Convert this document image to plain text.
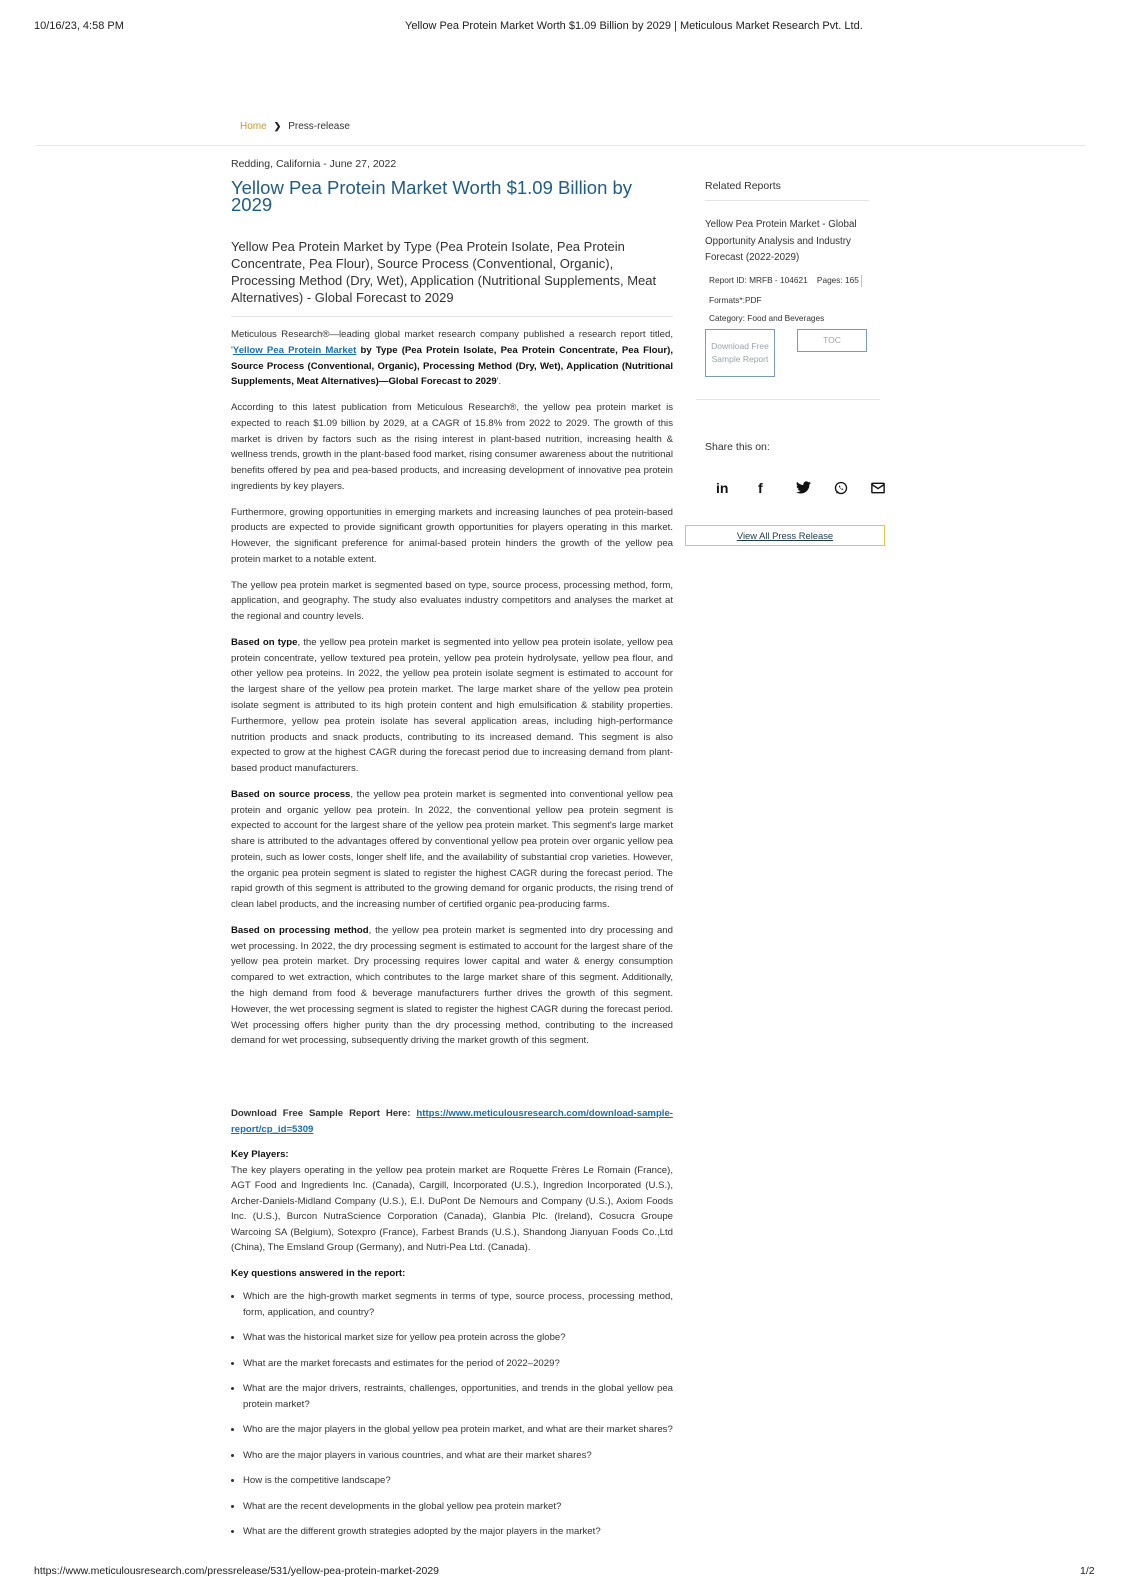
10/16/23, 4:58 PM	Yellow Pea Protein Market Worth $1.09 Billion by 2029 | Meticulous Market Research Pvt. Ltd.
Home ❯ Press-release
Redding, California - June 27, 2022
Yellow Pea Protein Market Worth $1.09 Billion by 2029
Yellow Pea Protein Market by Type (Pea Protein Isolate, Pea Protein Concentrate, Pea Flour), Source Process (Conventional, Organic), Processing Method (Dry, Wet), Application (Nutritional Supplements, Meat Alternatives) - Global Forecast to 2029

Meticulous Research®—leading global market research company published a research report titled, 'Yellow Pea Protein Market by Type (Pea Protein Isolate, Pea Protein Concentrate, Pea Flour), Source Process (Conventional, Organic), Processing Method (Dry, Wet), Application (Nutritional Supplements, Meat Alternatives)—Global Forecast to 2029'.

According to this latest publication from Meticulous Research®, the yellow pea protein market is expected to reach $1.09 billion by 2029, at a CAGR of 15.8% from 2022 to 2029. The growth of this market is driven by factors such as the rising interest in plant-based nutrition, increasing health & wellness trends, growth in the plant-based food market, rising consumer awareness about the nutritional benefits offered by pea and pea-based products, and increasing development of innovative pea protein ingredients by key players.

Furthermore, growing opportunities in emerging markets and increasing launches of pea protein-based products are expected to provide significant growth opportunities for players operating in this market. However, the significant preference for animal-based protein hinders the growth of the yellow pea protein market to a notable extent.

The yellow pea protein market is segmented based on type, source process, processing method, form, application, and geography. The study also evaluates industry competitors and analyses the market at the regional and country levels.

Based on type, the yellow pea protein market is segmented into yellow pea protein isolate, yellow pea protein concentrate, yellow textured pea protein, yellow pea protein hydrolysate, yellow pea flour, and other yellow pea proteins. In 2022, the yellow pea protein isolate segment is estimated to account for the largest share of the yellow pea protein market. The large market share of the yellow pea protein isolate segment is attributed to its high protein content and high emulsification & stability properties. Furthermore, yellow pea protein isolate has several application areas, including high-performance nutrition products and snack products, contributing to its increased demand. This segment is also expected to grow at the highest CAGR during the forecast period due to increasing demand from plant-based product manufacturers.

Based on source process, the yellow pea protein market is segmented into conventional yellow pea protein and organic yellow pea protein. In 2022, the conventional yellow pea protein segment is expected to account for the largest share of the yellow pea protein market. This segment's large market share is attributed to the advantages offered by conventional yellow pea protein over organic yellow pea protein, such as lower costs, longer shelf life, and the availability of substantial crop varieties. However, the organic pea protein segment is slated to register the highest CAGR during the forecast period. The rapid growth of this segment is attributed to the growing demand for organic products, the rising trend of clean label products, and the increasing number of certified organic pea-producing farms.

Based on processing method, the yellow pea protein market is segmented into dry processing and wet processing. In 2022, the dry processing segment is estimated to account for the largest share of the yellow pea protein market. Dry processing requires lower capital and water & energy consumption compared to wet extraction, which contributes to the large market share of this segment. Additionally, the high demand from food & beverage manufacturers further drives the growth of this segment. However, the wet processing segment is slated to register the highest CAGR during the forecast period. Wet processing offers higher purity than the dry processing method, contributing to the increased demand for wet processing, subsequently driving the market growth of this segment.

Download Free Sample Report Here: https://www.meticulousresearch.com/download-sample-report/cp_id=5309
Key Players:
The key players operating in the yellow pea protein market are Roquette Frères Le Romain (France), AGT Food and Ingredients Inc. (Canada), Cargill, Incorporated (U.S.), Ingredion Incorporated (U.S.), Archer-Daniels-Midland Company (U.S.), E.I. DuPont De Nemours and Company (U.S.), Axiom Foods Inc. (U.S.), Burcon NutraScience Corporation (Canada), Glanbia Plc. (Ireland), Cosucra Groupe Warcoing SA (Belgium), Sotexpro (France), Farbest Brands (U.S.), Shandong Jianyuan Foods Co.,Ltd (China), The Emsland Group (Germany), and Nutri-Pea Ltd. (Canada).
Key questions answered in the report:
• Which are the high-growth market segments in terms of type, source process, processing method, form, application, and country?
• What was the historical market size for yellow pea protein across the globe?
• What are the market forecasts and estimates for the period of 2022–2029?
• What are the major drivers, restraints, challenges, opportunities, and trends in the global yellow pea protein market?
• Who are the major players in the global yellow pea protein market, and what are their market shares?
• Who are the major players in various countries, and what are their market shares?
• How is the competitive landscape?
• What are the recent developments in the global yellow pea protein market?
• What are the different growth strategies adopted by the major players in the market?
Related Reports
Yellow Pea Protein Market - Global Opportunity Analysis and Industry Forecast (2022-2029)
Report ID: MRFB - 104621 Pages: 165
Formats*:PDF
Category: Food and Beverages
Download Free Sample Report
TOC
Share this on:
in f
View All Press Release
https://www.meticulousresearch.com/pressrelease/531/yellow-pea-protein-market-2029	1/2
